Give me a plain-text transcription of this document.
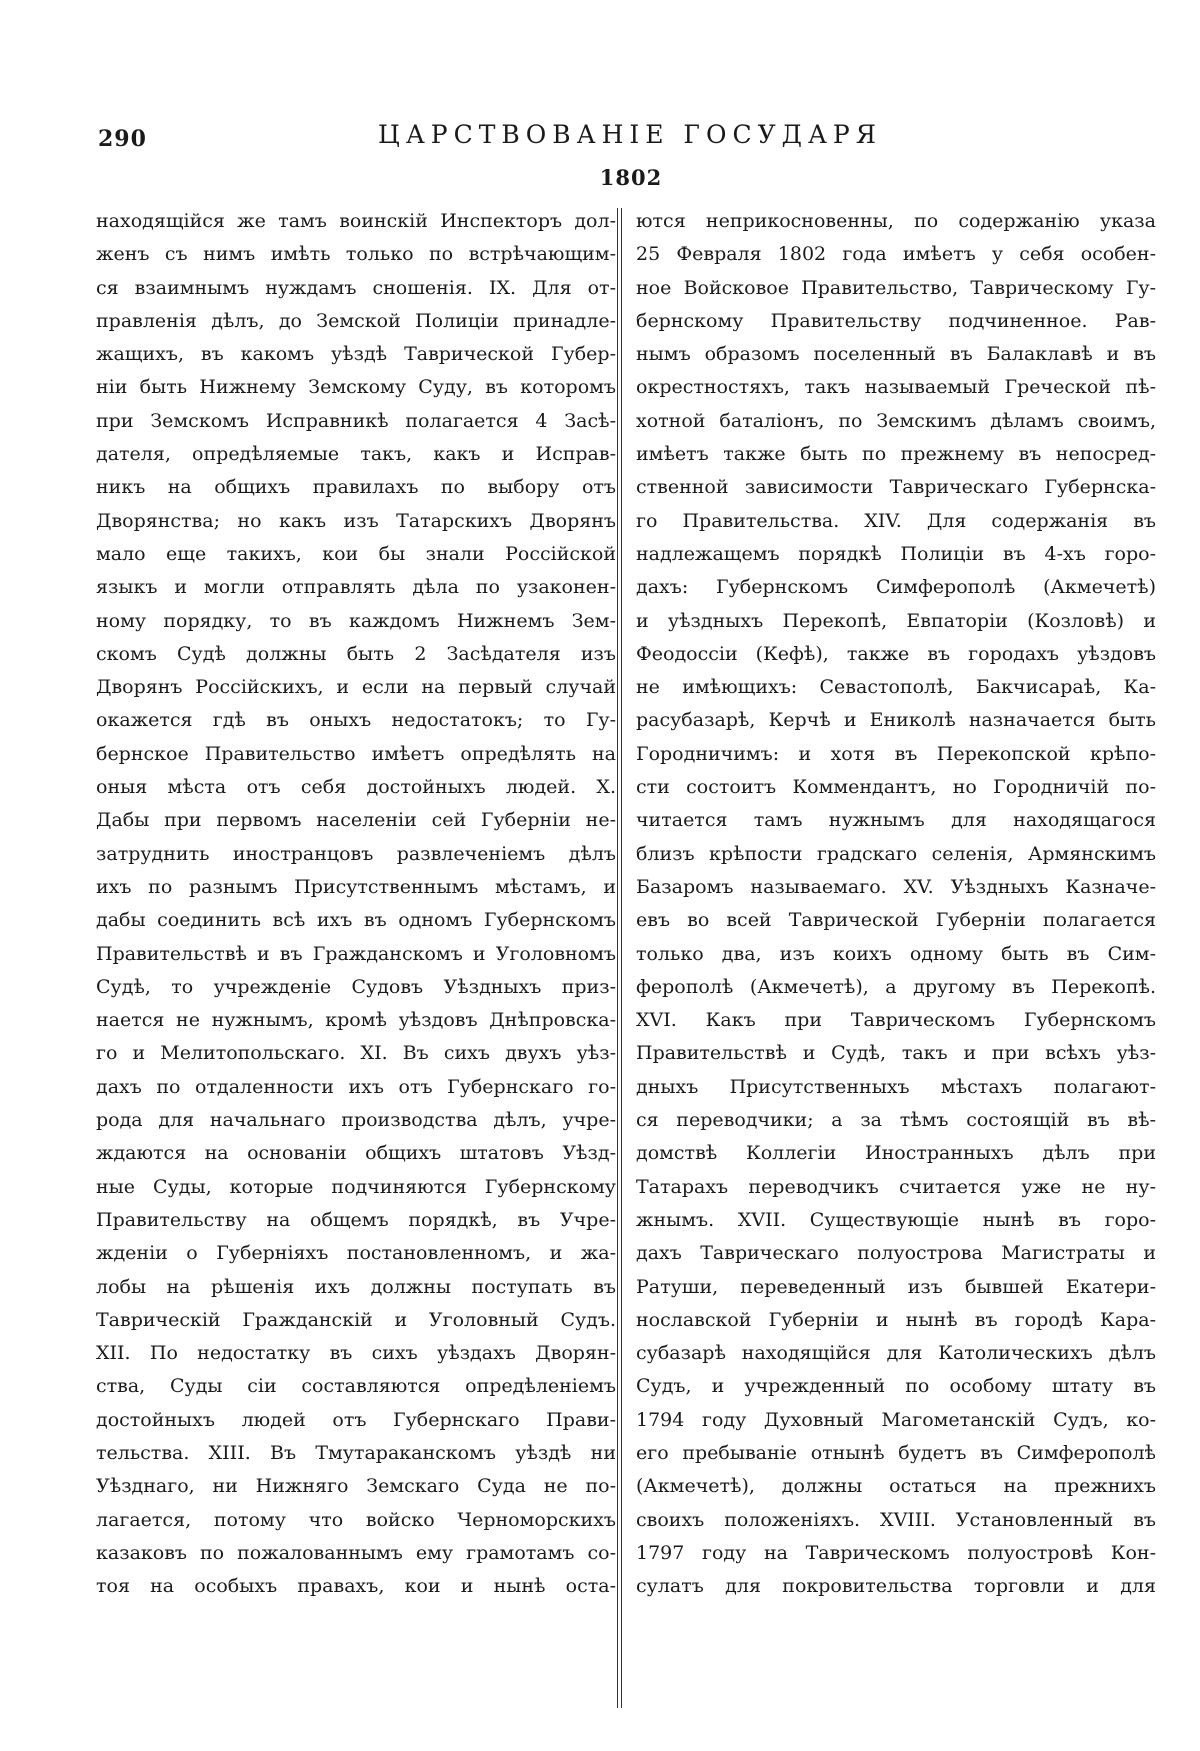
290	ЦАРСТВОВАНІЕ ГОСУДАРЯ
1802
находящійся же тамъ воинскій Инспекторъ дол-
женъ съ нимъ имѣть только по встрѣчающим-
ся взаимнымъ нуждамъ сношенія. IX. Для от-
правленія дѣлъ, до Земской Полиціи принадле-
жащихъ, въ какомъ уѣздѣ Таврической Губер-
ніи быть Нижнему Земскому Суду, въ которомъ
при Земскомъ Исправникѣ полагается 4 Засѣ-
дателя, опредѣляемые такъ, какъ и Исправ-
никъ на общихъ правилахъ по выбору отъ
Дворянства; но какъ изъ Татарскихъ Дворянъ
мало еще такихъ, кои бы знали Россійской
языкъ и могли отправлять дѣла по узаконен-
ному порядку, то въ каждомъ Нижнемъ Зем-
скомъ Судѣ должны быть 2 Засѣдателя изъ
Дворянъ Россійскихъ, и если на первый случай
окажется гдѣ въ оныхъ недостатокъ; то Гу-
бернское Правительство имѣетъ опредѣлять на
оныя мѣста отъ себя достойныхъ людей. X.
Дабы при первомъ населеніи сей Губерніи не-
затруднить иностранцовъ развлеченіемъ дѣлъ
ихъ по разнымъ Присутственнымъ мѣстамъ, и
дабы соединить всѣ ихъ въ одномъ Губернскомъ
Правительствѣ и въ Гражданскомъ и Уголовномъ
Судѣ, то учрежденіе Судовъ Уѣздныхъ приз-
нается не нужнымъ, кромѣ уѣздовъ Днѣпровска-
го и Мелитопольскаго. XI. Въ сихъ двухъ уѣз-
дахъ по отдаленности ихъ отъ Губернскаго го-
рода для начальнаго производства дѣлъ, учре-
ждаются на основаніи общихъ штатовъ Уѣзд-
ные Суды, которые подчиняются Губернскому
Правительству на общемъ порядкѣ, въ Учре-
жденіи о Губерніяхъ постановленномъ, и жа-
лобы на рѣшенія ихъ должны поступать въ
Таврическій Гражданскій и Уголовный Судъ.
XII. По недостатку въ сихъ уѣздахъ Дворян-
ства, Суды сіи составляются опредѣленіемъ
достойныхъ людей отъ Губернскаго Прави-
тельства. XIII. Въ Тмутараканскомъ уѣздѣ ни
Уѣзднаго, ни Нижняго Земскаго Суда не по-
лагается, потому что войско Черноморскихъ
казаковъ по пожалованнымъ ему грамотамъ со-
тоя на особыхъ правахъ, кои и нынѣ оста-
ются неприкосновенны, по содержанію указа
25 Февраля 1802 года имѣетъ у себя особен-
ное Войсковое Правительство, Таврическому Гу-
бернскому Правительству подчиненное. Рав-
нымъ образомъ поселенный въ Балаклавѣ и въ
окрестностяхъ, такъ называемый Греческой пѣ-
хотной баталіонъ, по Земскимъ дѣламъ своимъ,
имѣетъ также быть по прежнему въ непосред-
ственной зависимости Таврическаго Губернска-
го Правительства. XIV. Для содержанія въ
надлежащемъ порядкѣ Полиціи въ 4-хъ горо-
дахъ: Губернскомъ Симферополѣ (Акмечетѣ)
и уѣздныхъ Перекопѣ, Евпаторіи (Козловѣ) и
Феодоссіи (Кефѣ), также въ городахъ уѣздовъ
не имѣющихъ: Севастополѣ, Бакчисараѣ, Ка-
расубазарѣ, Керчѣ и Ениколѣ назначается быть
Городничимъ: и хотя въ Перекопской крѣпо-
сти состоитъ Коммендантъ, но Городничій по-
читается тамъ нужнымъ для находящагося
близъ крѣпости градскаго селенія, Армянскимъ
Базаромъ называемаго. XV. Уѣздныхъ Казначе-
евъ во всей Таврической Губерніи полагается
только два, изъ коихъ одному быть въ Сим-
ферополѣ (Акмечетѣ), а другому въ Перекопѣ.
XVI. Какъ при Таврическомъ Губернскомъ
Правительствѣ и Судѣ, такъ и при всѣхъ уѣз-
дныхъ Присутственныхъ мѣстахъ полагают-
ся переводчики; а за тѣмъ состоящій въ вѣ-
домствѣ Коллегіи Иностранныхъ дѣлъ при
Татарахъ переводчикъ считается уже не ну-
жнымъ. XVII. Существующіе нынѣ въ горо-
дахъ Таврическаго полуострова Магистраты и
Ратуши, переведенный изъ бывшей Екатери-
нославской Губерніи и нынѣ въ городѣ Кара-
субазарѣ находящійся для Католическихъ дѣлъ
Судъ, и учрежденный по особому штату въ
1794 году Духовный Магометанскій Судъ, ко-
его пребываніе отнынѣ будетъ въ Симферополѣ
(Акмечетѣ), должны остаться на прежнихъ
своихъ положеніяхъ. XVIII. Установленный въ
1797 году на Таврическомъ полуостровѣ Кон-
сулатъ для покровительства торговли и для
